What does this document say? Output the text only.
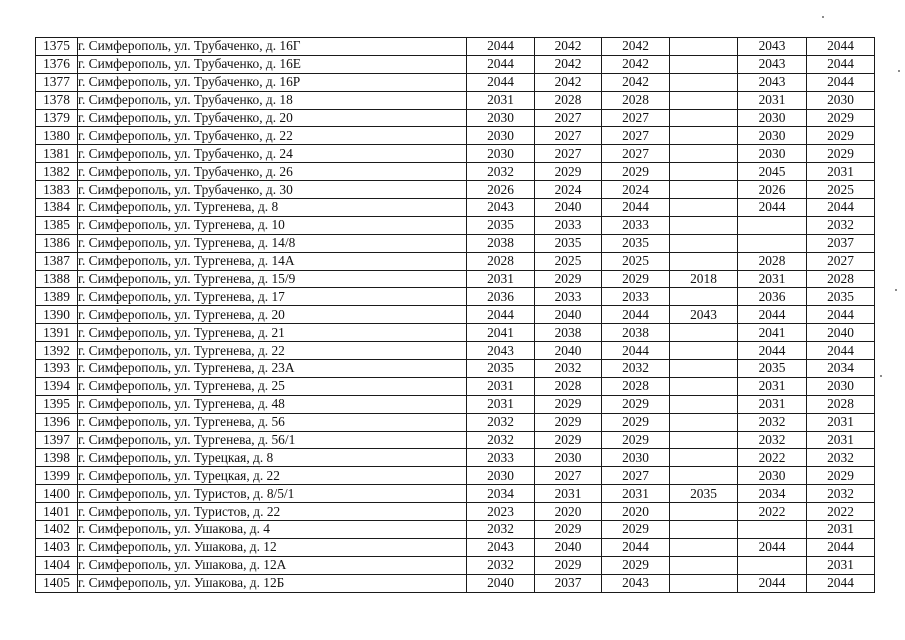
1375	г. Симферополь, ул. Трубаченко, д. 16Г	2044	2042	2042		2043	2044
1376	г. Симферополь, ул. Трубаченко, д. 16Е	2044	2042	2042		2043	2044
1377	г. Симферополь, ул. Трубаченко, д. 16Р	2044	2042	2042		2043	2044
1378	г. Симферополь, ул. Трубаченко, д. 18	2031	2028	2028		2031	2030
1379	г. Симферополь, ул. Трубаченко, д. 20	2030	2027	2027		2030	2029
1380	г. Симферополь, ул. Трубаченко, д. 22	2030	2027	2027		2030	2029
1381	г. Симферополь, ул. Трубаченко, д. 24	2030	2027	2027		2030	2029
1382	г. Симферополь, ул. Трубаченко, д. 26	2032	2029	2029		2045	2031
1383	г. Симферополь, ул. Трубаченко, д. 30	2026	2024	2024		2026	2025
1384	г. Симферополь, ул. Тургенева, д. 8	2043	2040	2044		2044	2044
1385	г. Симферополь, ул. Тургенева, д. 10	2035	2033	2033			2032
1386	г. Симферополь, ул. Тургенева, д. 14/8	2038	2035	2035			2037
1387	г. Симферополь, ул. Тургенева, д. 14А	2028	2025	2025		2028	2027
1388	г. Симферополь, ул. Тургенева, д. 15/9	2031	2029	2029	2018	2031	2028
1389	г. Симферополь, ул. Тургенева, д. 17	2036	2033	2033		2036	2035
1390	г. Симферополь, ул. Тургенева, д. 20	2044	2040	2044	2043	2044	2044
1391	г. Симферополь, ул. Тургенева, д. 21	2041	2038	2038		2041	2040
1392	г. Симферополь, ул. Тургенева, д. 22	2043	2040	2044		2044	2044
1393	г. Симферополь, ул. Тургенева, д. 23А	2035	2032	2032		2035	2034
1394	г. Симферополь, ул. Тургенева, д. 25	2031	2028	2028		2031	2030
1395	г. Симферополь, ул. Тургенева, д. 48	2031	2029	2029		2031	2028
1396	г. Симферополь, ул. Тургенева, д. 56	2032	2029	2029		2032	2031
1397	г. Симферополь, ул. Тургенева, д. 56/1	2032	2029	2029		2032	2031
1398	г. Симферополь, ул. Турецкая, д. 8	2033	2030	2030		2022	2032
1399	г. Симферополь, ул. Турецкая, д. 22	2030	2027	2027		2030	2029
1400	г. Симферополь, ул. Туристов, д. 8/5/1	2034	2031	2031	2035	2034	2032
1401	г. Симферополь, ул. Туристов, д. 22	2023	2020	2020		2022	2022
1402	г. Симферополь, ул. Ушакова, д. 4	2032	2029	2029			2031
1403	г. Симферополь, ул. Ушакова, д. 12	2043	2040	2044		2044	2044
1404	г. Симферополь, ул. Ушакова, д. 12А	2032	2029	2029			2031
1405	г. Симферополь, ул. Ушакова, д. 12Б	2040	2037	2043		2044	2044
